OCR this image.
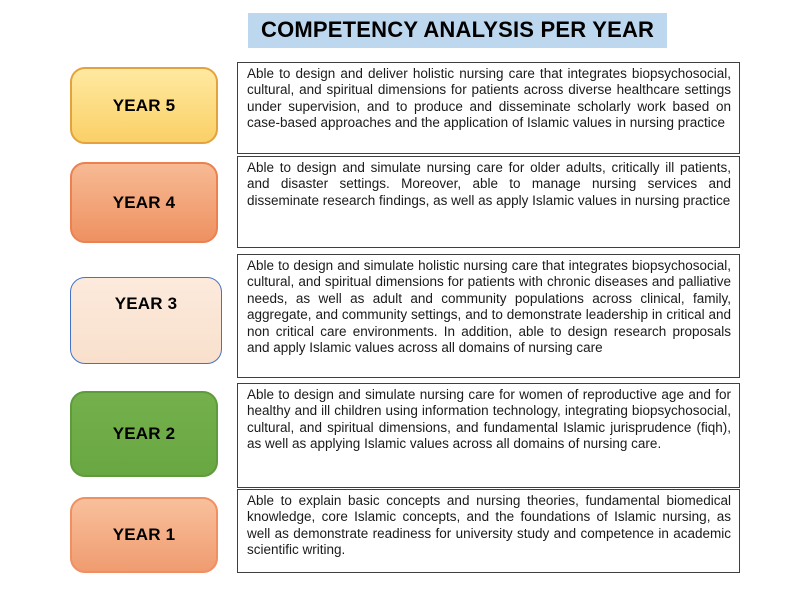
COMPETENCY ANALYSIS PER YEAR
YEAR 5

Able to design and deliver holistic nursing care that integrates biopsychosocial, cultural, and spiritual dimensions for patients across diverse healthcare settings under supervision, and to produce and disseminate scholarly work based on case-based approaches and the application of Islamic values in nursing practice

YEAR 4

Able to design and simulate nursing care for older adults, critically ill patients, and disaster settings. Moreover, able to manage nursing services and disseminate research findings, as well as apply Islamic values in nursing practice

YEAR 3

Able to design and simulate holistic nursing care that integrates biopsychosocial, cultural, and spiritual dimensions for patients with chronic diseases and palliative needs, as well as adult and community populations across clinical, family, aggregate, and community settings, and to demonstrate leadership in critical and non critical care environments. In addition, able to design research proposals and apply Islamic values across all domains of nursing care

YEAR 2

Able to design and simulate nursing care for women of reproductive age and for healthy and ill children using information technology, integrating biopsychosocial, cultural, and spiritual dimensions, and fundamental Islamic jurisprudence (fiqh), as well as applying Islamic values across all domains of nursing care.

YEAR 1

Able to explain basic concepts and nursing theories, fundamental biomedical knowledge, core Islamic concepts, and the foundations of Islamic nursing, as well as demonstrate readiness for university study and competence in academic scientific writing.
